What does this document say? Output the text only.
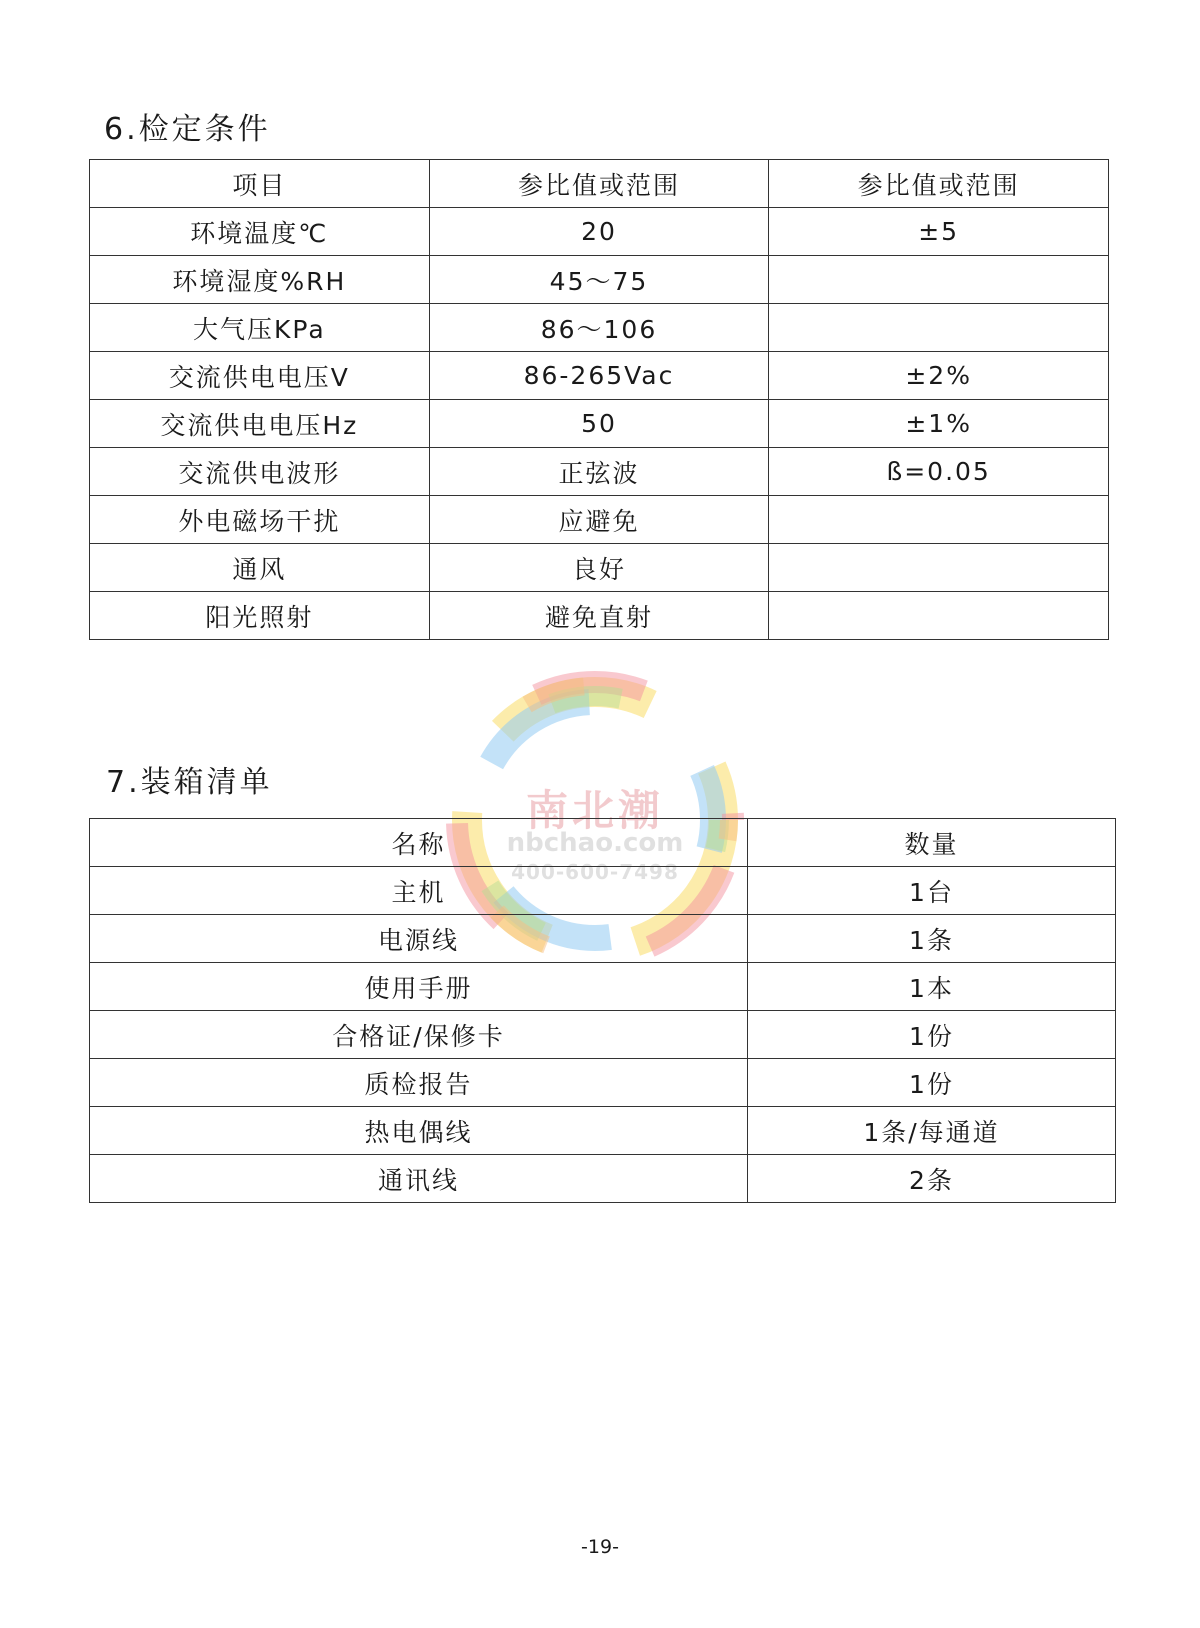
6.检定条件
项目	参比值或范围	参比值或范围
环境温度℃	20	±5
环境湿度%RH	45～75	
大气压KPa	86～106	
交流供电电压V	86-265Vac	±2%
交流供电电压Hz	50	±1%
交流供电波形	正弦波	ß=0.05
外电磁场干扰	应避免	
通风	良好	
阳光照射	避免直射	
南北潮
nbchao.com
400-600-7498
7.装箱清单
名称	数量
主机	1台
电源线	1条
使用手册	1本
合格证/保修卡	1份
质检报告	1份
热电偶线	1条/每通道
通讯线	2条
-19-
